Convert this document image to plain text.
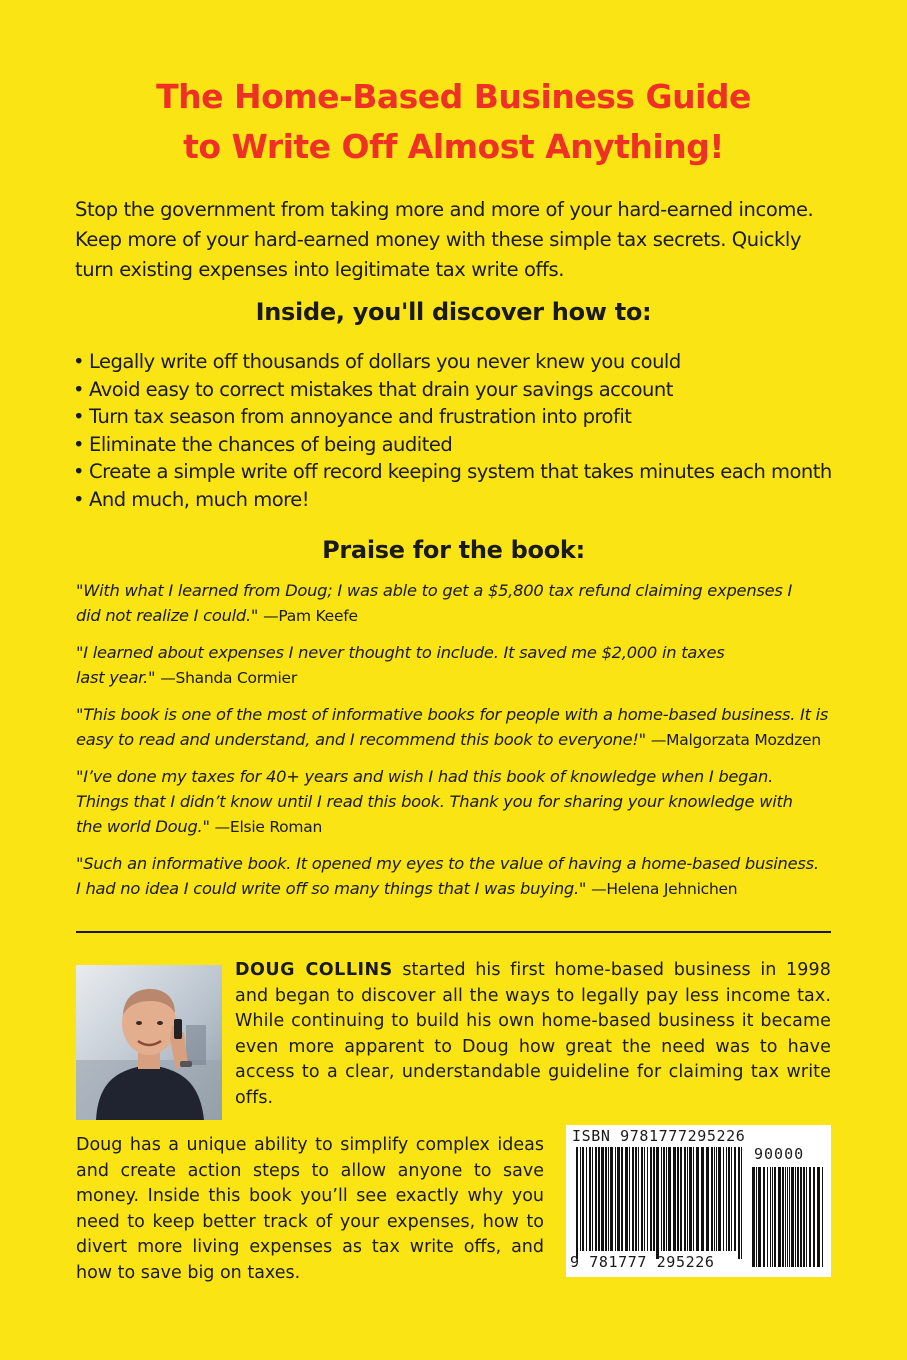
The Home-Based Business Guide
to Write Off Almost Anything!
Stop the government from taking more and more of your hard-earned income.
Keep more of your hard-earned money with these simple tax secrets. Quickly
turn existing expenses into legitimate tax write offs.
Inside, you'll discover how to:
• Legally write off thousands of dollars you never knew you could
• Avoid easy to correct mistakes that drain your savings account
• Turn tax season from annoyance and frustration into profit
• Eliminate the chances of being audited
• Create a simple write off record keeping system that takes minutes each month
• And much, much more!
Praise for the book:
"With what I learned from Doug; I was able to get a $5,800 tax refund claiming expenses I
did not realize I could." —Pam Keefe
"I learned about expenses I never thought to include. It saved me $2,000 in taxes
last year." —Shanda Cormier
"This book is one of the most of informative books for people with a home-based business. It is
easy to read and understand, and I recommend this book to everyone!" —Malgorzata Mozdzen
"I’ve done my taxes for 40+ years and wish I had this book of knowledge when I began.
Things that I didn’t know until I read this book. Thank you for sharing your knowledge with
the world Doug." —Elsie Roman
"Such an informative book. It opened my eyes to the value of having a home-based business.
I had no idea I could write off so many things that I was buying." —Helena Jehnichen
DOUG COLLINS started his first home-based business in 1998 and began to discover all the ways to legally pay less income tax. While continuing to build his own home-based business it became even more apparent to Doug how great the need was to have access to a clear, understandable guideline for claiming tax write offs.
Doug has a unique ability to simplify complex ideas and create action steps to allow anyone to save money. Inside this book you’ll see exactly why you need to keep better track of your expenses, how to divert more living expenses as tax write offs, and how to save big on taxes.
ISBN 9781777295226
90000
9 781777 295226
